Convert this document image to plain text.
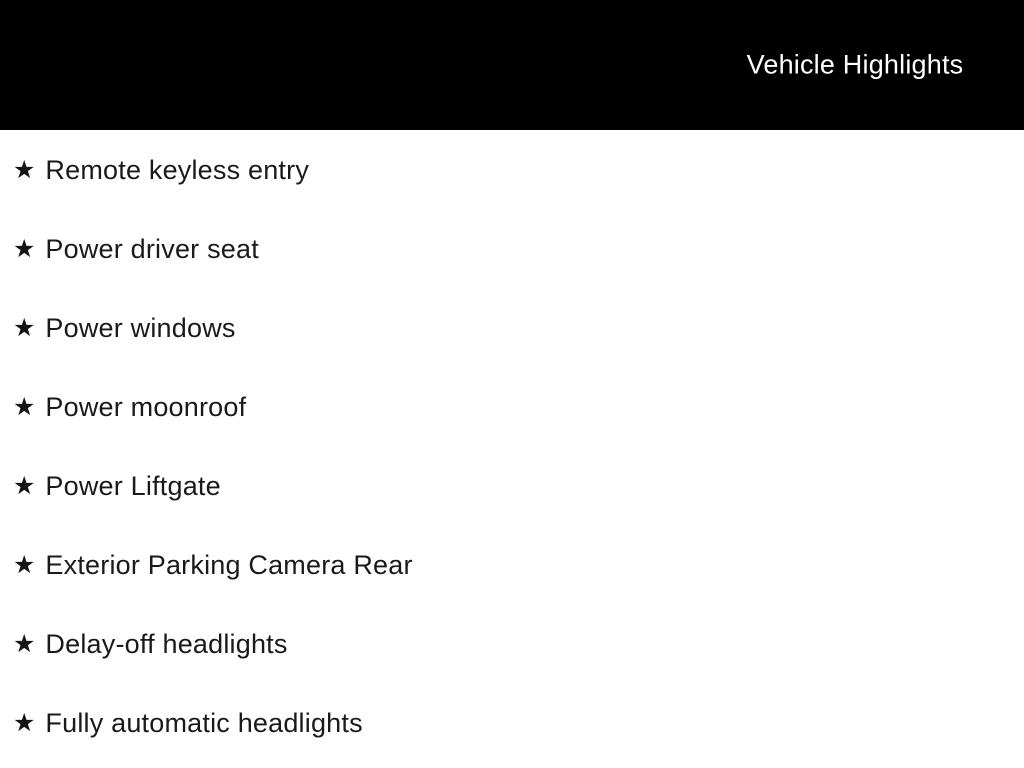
Vehicle Highlights
★ Remote keyless entry
★ Power driver seat
★ Power windows
★ Power moonroof
★ Power Liftgate
★ Exterior Parking Camera Rear
★ Delay-off headlights
★ Fully automatic headlights
